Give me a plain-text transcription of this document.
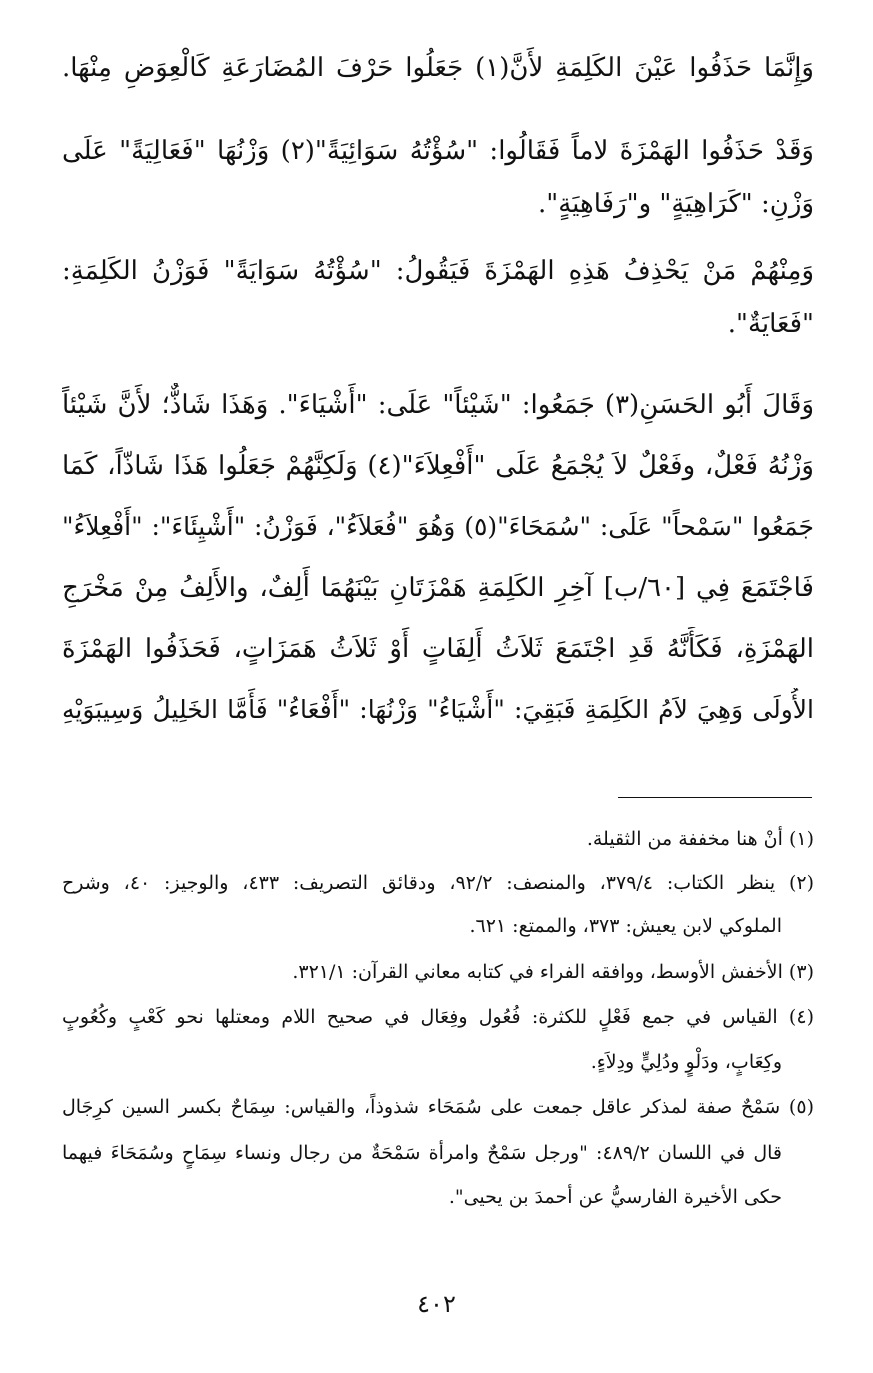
وَإِنَّمَا حَذَفُوا عَيْنَ الكَلِمَةِ لأَنَّ(١) جَعَلُوا حَرْفَ المُضَارَعَةِ كَالْعِوَضِ مِنْهَا.
وَقَدْ حَذَفُوا الهَمْزَةَ لاماً فَقَالُوا: "سُؤْتُهُ سَوَائِيَةً"(٢) وَزْنُهَا "فَعَالِيَةً" عَلَى
وَزْنِ: "كَرَاهِيَةٍ" و"رَفَاهِيَةٍ".
وَمِنْهُمْ مَنْ يَحْذِفُ هَذِهِ الهَمْزَةَ فَيَقُولُ: "سُؤْتُهُ سَوَايَةً" فَوَزْنُ الكَلِمَةِ:
"فَعَايَةٌ".
وَقَالَ أَبُو الحَسَنِ(٣) جَمَعُوا: "شَيْئاً" عَلَى: "أَشْيَاءَ". وَهَذَا شَاذٌّ؛ لأَنَّ شَيْئاً
وَزْنُهُ فَعْلٌ، وفَعْلٌ لاَ يُجْمَعُ عَلَى "أَفْعِلاَءَ"(٤) وَلَكِنَّهُمْ جَعَلُوا هَذَا شَاذّاً، كَمَا
جَمَعُوا "سَمْحاً" عَلَى: "سُمَحَاءَ"(٥) وَهُوَ "فُعَلاَءُ"، فَوَزْنُ: "أَشْيِئَاءَ": "أَفْعِلاَءُ"
فَاجْتَمَعَ فِي [٦٠/ب] آخِرِ الكَلِمَةِ هَمْزَتَانِ بَيْنَهُمَا أَلِفٌ، والأَلِفُ مِنْ مَخْرَجِ
الهَمْزَةِ، فَكَأَنَّهُ قَدِ اجْتَمَعَ ثَلاَثُ أَلِفَاتٍ أَوْ ثَلاَثُ هَمَزَاتٍ، فَحَذَفُوا الهَمْزَةَ
الأُولَى وَهِيَ لاَمُ الكَلِمَةِ فَبَقِيَ: "أَشْيَاءُ" وَزْنُهَا: "أَفْعَاءُ" فَأَمَّا الخَلِيلُ وَسِيبَوَيْهِ
(١) أنْ هنا مخففة من الثقيلة.
(٢) ينظر الكتاب: ٣٧٩/٤، والمنصف: ٩٢/٢، ودقائق التصريف: ٤٣٣، والوجيز: ٤٠، وشرح
الملوكي لابن يعيش: ٣٧٣، والممتع: ٦٢١.
(٣) الأخفش الأوسط، ووافقه الفراء في كتابه معاني القرآن: ٣٢١/١.
(٤) القياس في جمع فَعْلٍ للكثرة: فُعُول وفِعَال في صحيح اللام ومعتلها نحو كَعْبٍ وكُعُوبٍ
وكِعَابٍ، ودَلْوٍ ودُلِيٍّ ودِلاَءٍ.
(٥) سَمْحٌ صفة لمذكر عاقل جمعت على سُمَحَاء شذوذاً، والقياس: سِمَاحٌ بكسر السين كرِجَال
قال في اللسان ٤٨٩/٢: "ورجل سَمْحٌ وامرأة سَمْحَةٌ من رجال ونساء سِمَاحٍ وسُمَحَاءَ فيهما
حكى الأخيرة الفارسيُّ عن أحمدَ بن يحيى".
٤٠٢
